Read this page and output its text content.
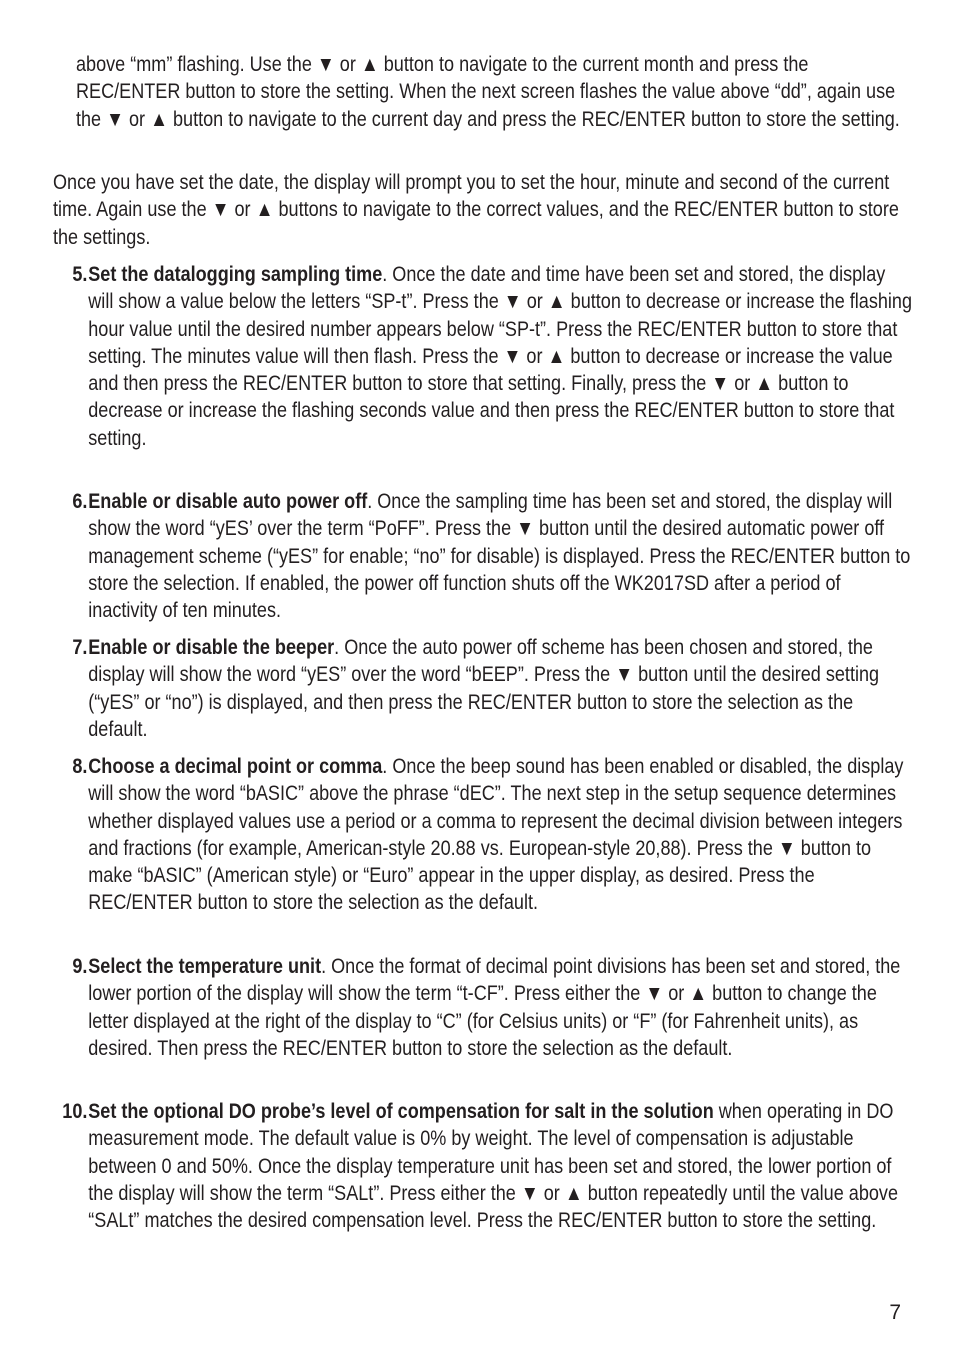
above “mm” flashing. Use the ▼ or ▲ button to navigate to the current month and press the REC/ENTER button to store the setting. When the next screen flashes the value above “dd”, again use the ▼ or ▲ button to navigate to the current day and press the REC/ENTER button to store the setting.
Once you have set the date, the display will prompt you to set the hour, minute and second of the current time. Again use the ▼ or ▲ buttons to navigate to the correct values, and the REC/ENTER button to store the settings.
5. Set the datalogging sampling time. Once the date and time have been set and stored, the display will show a value below the letters “SP-t”. Press the ▼ or ▲ button to decrease or increase the flashing hour value until the desired number appears below “SP-t”. Press the REC/ENTER button to store that setting. The minutes value will then flash. Press the ▼ or ▲ button to decrease or increase the value and then press the REC/ENTER button to store that setting. Finally, press the ▼ or ▲ button to decrease or increase the flashing seconds value and then press the REC/ENTER button to store that setting.
6. Enable or disable auto power off. Once the sampling time has been set and stored, the display will show the word “yES’ over the term “PoFF”. Press the ▼ button until the desired automatic power off management scheme (“yES” for enable; “no” for disable) is displayed. Press the REC/ENTER button to store the selection. If enabled, the power off function shuts off the WK2017SD after a period of inactivity of ten minutes.
7. Enable or disable the beeper. Once the auto power off scheme has been chosen and stored, the display will show the word “yES” over the word “bEEP”. Press the ▼ button until the desired setting (“yES” or “no”) is displayed, and then press the REC/ENTER button to store the selection as the default.
8. Choose a decimal point or comma. Once the beep sound has been enabled or disabled, the display will show the word “bASIC” above the phrase “dEC”. The next step in the setup sequence determines whether displayed values use a period or a comma to represent the decimal division between integers and fractions (for example, American-style 20.88 vs. European-style 20,88). Press the ▼ button to make “bASIC” (American style) or “Euro” appear in the upper display, as desired. Press the REC/ENTER button to store the selection as the default.
9. Select the temperature unit. Once the format of decimal point divisions has been set and stored, the lower portion of the display will show the term “t-CF”. Press either the ▼ or ▲ button to change the letter displayed at the right of the display to “C” (for Celsius units) or “F” (for Fahrenheit units), as desired. Then press the REC/ENTER button to store the selection as the default.
10. Set the optional DO probe’s level of compensation for salt in the solution when operating in DO measurement mode. The default value is 0% by weight. The level of compensation is adjustable between 0 and 50%. Once the display temperature unit has been set and stored, the lower portion of the display will show the term “SALt”. Press either the ▼ or ▲ button repeatedly until the value above “SALt” matches the desired compensation level. Press the REC/ENTER button to store the setting.
7
